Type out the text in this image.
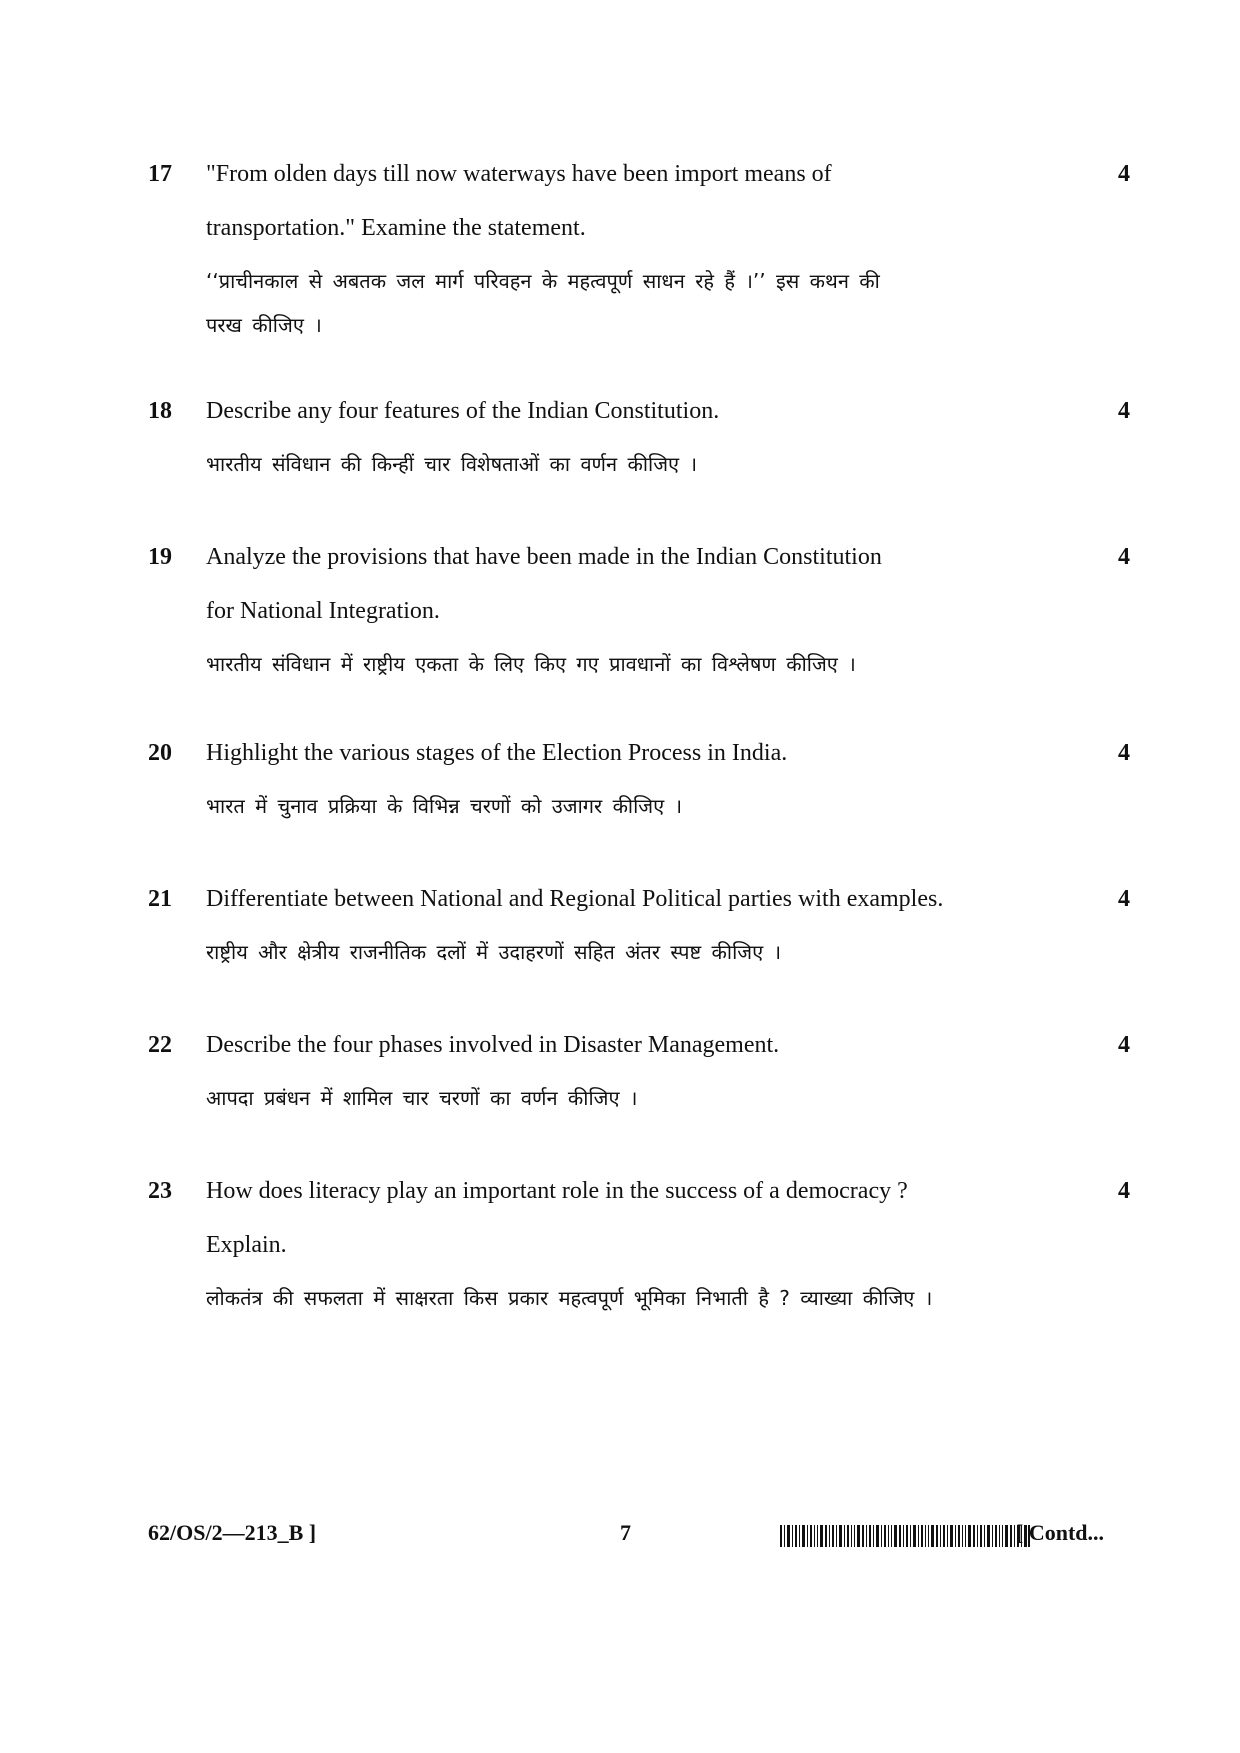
17 "From olden days till now waterways have been import means of

transportation." Examine the statement.

‘‘प्राचीनकाल से अबतक जल मार्ग परिवहन के महत्वपूर्ण साधन रहे हैं ।’’ इस कथन की

परख कीजिए ।

4
18 Describe any four features of the Indian Constitution.

भारतीय संविधान की किन्हीं चार विशेषताओं का वर्णन कीजिए ।

4
19 Analyze the provisions that have been made in the Indian Constitution

for National Integration.

भारतीय संविधान में राष्ट्रीय एकता के लिए किए गए प्रावधानों का विश्लेषण कीजिए ।

4
20 Highlight the various stages of the Election Process in India.

भारत में चुनाव प्रक्रिया के विभिन्न चरणों को उजागर कीजिए ।

4
21 Differentiate between National and Regional Political parties with examples.

राष्ट्रीय और क्षेत्रीय राजनीतिक दलों में उदाहरणों सहित अंतर स्पष्ट कीजिए ।

4
22 Describe the four phases involved in Disaster Management.

आपदा प्रबंधन में शामिल चार चरणों का वर्णन कीजिए ।

4
23 How does literacy play an important role in the success of a democracy ?

Explain.

लोकतंत्र की सफलता में साक्षरता किस प्रकार महत्वपूर्ण भूमिका निभाती है ? व्याख्या कीजिए ।

4
62/OS/2—213_B ]	7	[ Contd...
